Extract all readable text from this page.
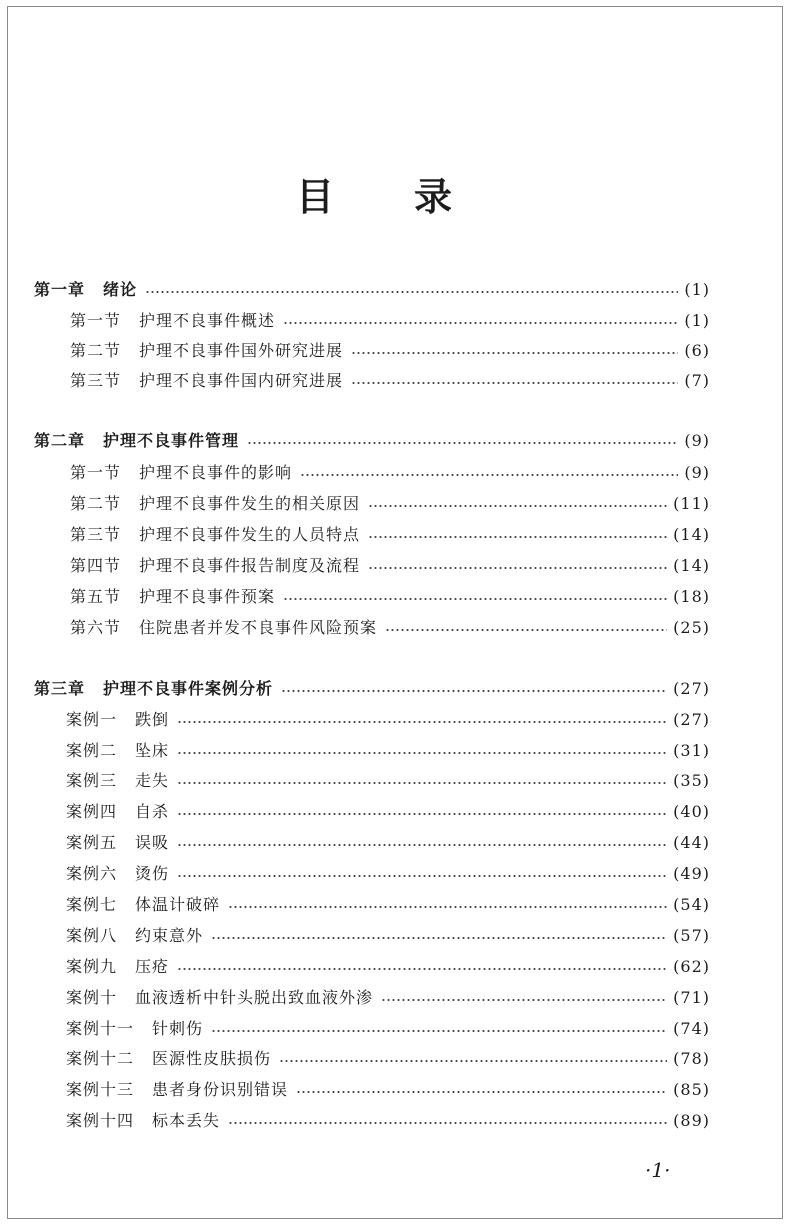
目 录
第一章 绪论	(1)
第一节 护理不良事件概述	(1)
第二节 护理不良事件国外研究进展	(6)
第三节 护理不良事件国内研究进展	(7)
第二章 护理不良事件管理	(9)
第一节 护理不良事件的影响	(9)
第二节 护理不良事件发生的相关原因	(11)
第三节 护理不良事件发生的人员特点	(14)
第四节 护理不良事件报告制度及流程	(14)
第五节 护理不良事件预案	(18)
第六节 住院患者并发不良事件风险预案	(25)
第三章 护理不良事件案例分析	(27)
案例一 跌倒	(27)
案例二 坠床	(31)
案例三 走失	(35)
案例四 自杀	(40)
案例五 误吸	(44)
案例六 烫伤	(49)
案例七 体温计破碎	(54)
案例八 约束意外	(57)
案例九 压疮	(62)
案例十 血液透析中针头脱出致血液外渗	(71)
案例十一 针刺伤	(74)
案例十二 医源性皮肤损伤	(78)
案例十三 患者身份识别错误	(85)
案例十四 标本丢失	(89)
·1·
